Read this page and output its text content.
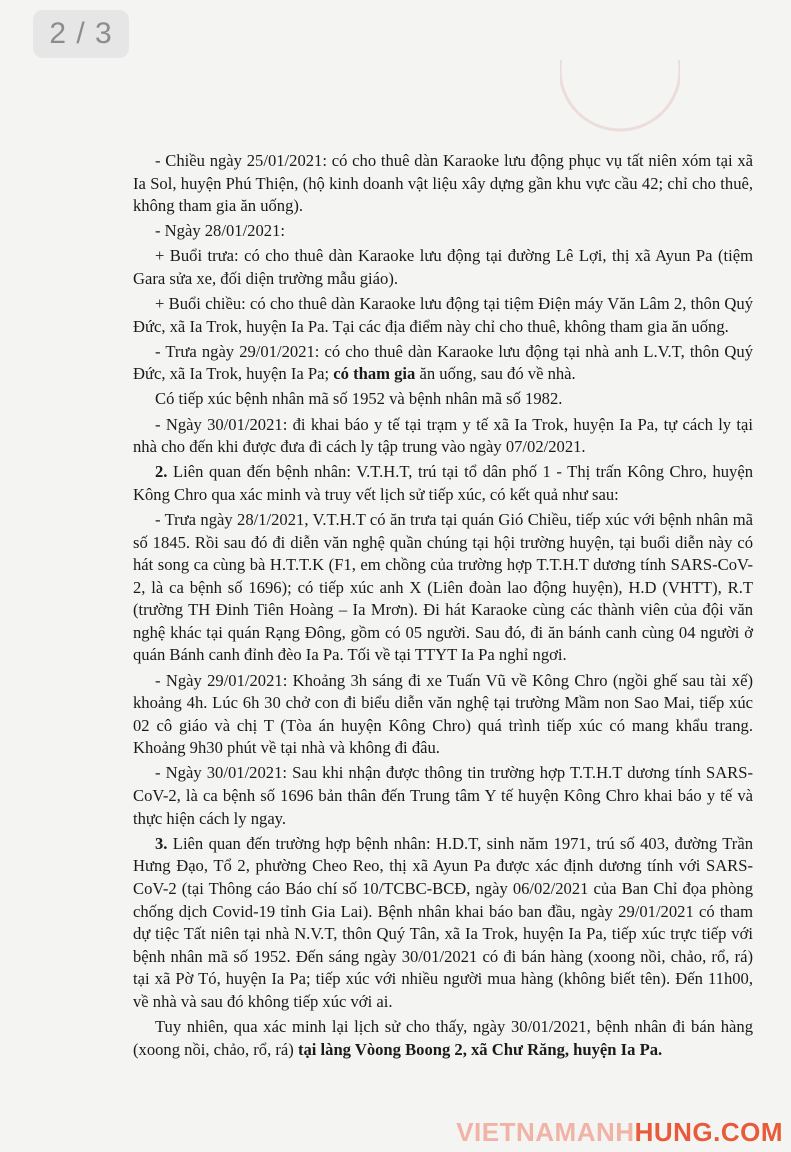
2 / 3

- Chiều ngày 25/01/2021: có cho thuê dàn Karaoke lưu động phục vụ tất niên xóm tại xã Ia Sol, huyện Phú Thiện, (hộ kinh doanh vật liệu xây dựng gần khu vực cầu 42; chỉ cho thuê, không tham gia ăn uống).

- Ngày 28/01/2021:

+ Buổi trưa: có cho thuê dàn Karaoke lưu động tại đường Lê Lợi, thị xã Ayun Pa (tiệm Gara sửa xe, đối diện trường mẫu giáo).

+ Buổi chiều: có cho thuê dàn Karaoke lưu động tại tiệm Điện máy Văn Lâm 2, thôn Quý Đức, xã Ia Trok, huyện Ia Pa. Tại các địa điểm này chỉ cho thuê, không tham gia ăn uống.

- Trưa ngày 29/01/2021: có cho thuê dàn Karaoke lưu động tại nhà anh L.V.T, thôn Quý Đức, xã Ia Trok, huyện Ia Pa; có tham gia ăn uống, sau đó về nhà.

Có tiếp xúc bệnh nhân mã số 1952 và bệnh nhân mã số 1982.

- Ngày 30/01/2021: đi khai báo y tế tại trạm y tế xã Ia Trok, huyện Ia Pa, tự cách ly tại nhà cho đến khi được đưa đi cách ly tập trung vào ngày 07/02/2021.

2. Liên quan đến bệnh nhân: V.T.H.T, trú tại tổ dân phố 1 - Thị trấn Kông Chro, huyện Kông Chro qua xác minh và truy vết lịch sử tiếp xúc, có kết quả như sau:

- Trưa ngày 28/1/2021, V.T.H.T có ăn trưa tại quán Gió Chiều, tiếp xúc với bệnh nhân mã số 1845. Rồi sau đó đi diễn văn nghệ quần chúng tại hội trường huyện, tại buổi diễn này có hát song ca cùng bà H.T.T.K (F1, em chồng của trường hợp T.T.H.T dương tính SARS-CoV-2, là ca bệnh số 1696); có tiếp xúc anh X (Liên đoàn lao động huyện), H.D (VHTT), R.T (trường TH Đinh Tiên Hoàng – Ia Mrơn). Đi hát Karaoke cùng các thành viên của đội văn nghệ khác tại quán Rạng Đông, gồm có 05 người. Sau đó, đi ăn bánh canh cùng 04 người ở quán Bánh canh đỉnh đèo Ia Pa. Tối về tại TTYT Ia Pa nghỉ ngơi.

- Ngày 29/01/2021: Khoảng 3h sáng đi xe Tuấn Vũ về Kông Chro (ngồi ghế sau tài xế) khoảng 4h. Lúc 6h 30 chở con đi biểu diễn văn nghệ tại trường Mầm non Sao Mai, tiếp xúc 02 cô giáo và chị T (Tòa án huyện Kông Chro) quá trình tiếp xúc có mang khẩu trang. Khoảng 9h30 phút về tại nhà và không đi đâu.

- Ngày 30/01/2021: Sau khi nhận được thông tin trường hợp T.T.H.T dương tính SARS-CoV-2, là ca bệnh số 1696 bản thân đến Trung tâm Y tế huyện Kông Chro khai báo y tế và thực hiện cách ly ngay.

3. Liên quan đến trường hợp bệnh nhân: H.D.T, sinh năm 1971, trú số 403, đường Trần Hưng Đạo, Tổ 2, phường Cheo Reo, thị xã Ayun Pa được xác định dương tính với SARS-CoV-2 (tại Thông cáo Báo chí số 10/TCBC-BCĐ, ngày 06/02/2021 của Ban Chỉ đọa phòng chống dịch Covid-19 tỉnh Gia Lai). Bệnh nhân khai báo ban đầu, ngày 29/01/2021 có tham dự tiệc Tất niên tại nhà N.V.T, thôn Quý Tân, xã Ia Trok, huyện Ia Pa, tiếp xúc trực tiếp với bệnh nhân mã số 1952. Đến sáng ngày 30/01/2021 có đi bán hàng (xoong nồi, chảo, rổ, rá) tại xã Pờ Tó, huyện Ia Pa; tiếp xúc với nhiều người mua hàng (không biết tên). Đến 11h00, về nhà và sau đó không tiếp xúc với ai.

Tuy nhiên, qua xác minh lại lịch sử cho thấy, ngày 30/01/2021, bệnh nhân đi bán hàng (xoong nồi, chảo, rổ, rá) tại làng Vòong Boong 2, xã Chư Răng, huyện Ia Pa.

VIETNAMANHHUNG.COM
